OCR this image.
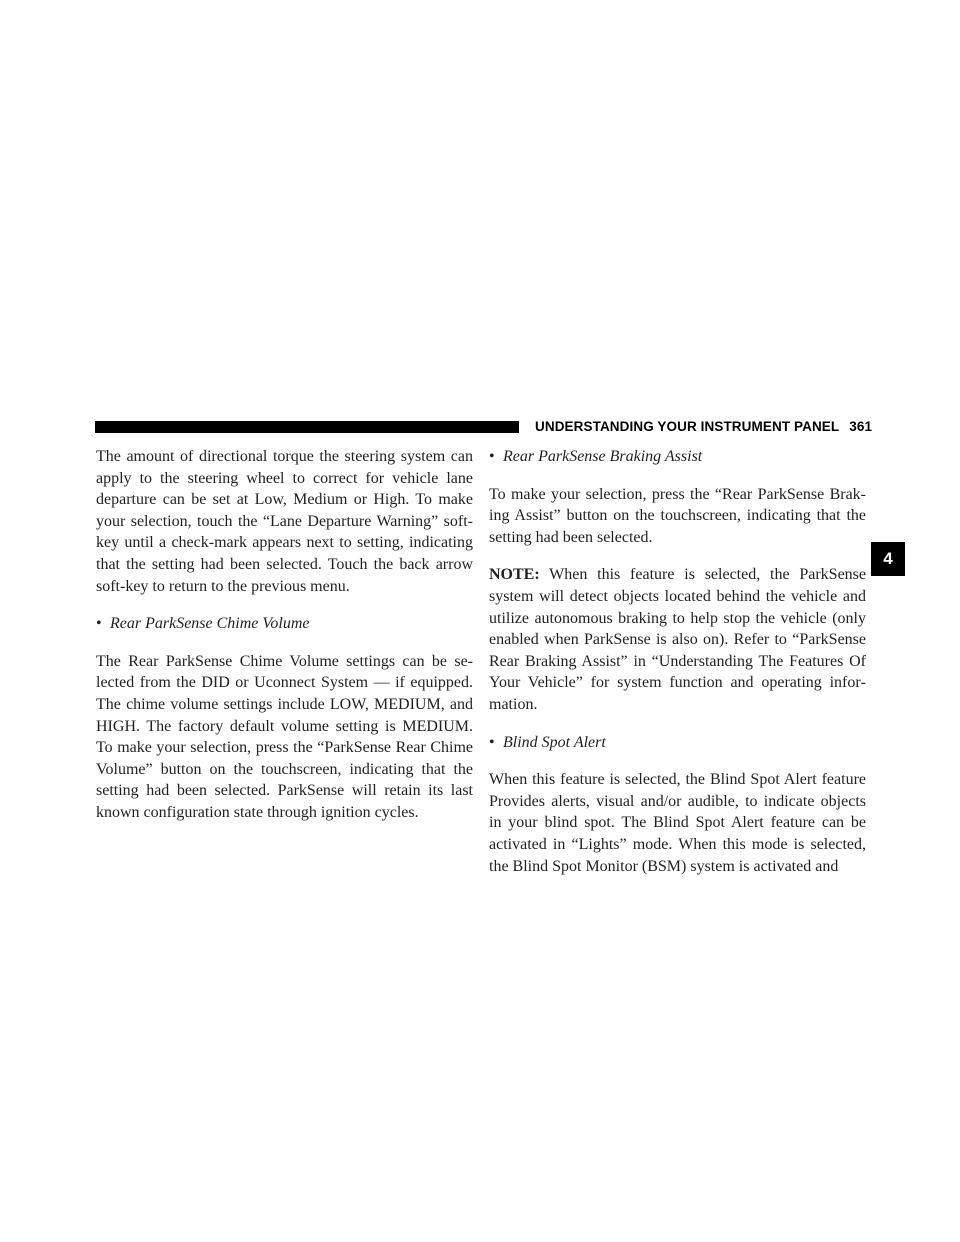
UNDERSTANDING YOUR INSTRUMENT PANEL 361
4

The amount of directional torque the steering system can apply to the steering wheel to correct for vehicle lane departure can be set at Low, Medium or High. To make your selection, touch the “Lane Departure Warning” soft-key until a check-mark appears next to setting, indicating that the setting had been selected. Touch the back arrow soft-key to return to the previous menu.

• Rear ParkSense Chime Volume

The Rear ParkSense Chime Volume settings can be selected from the DID or Uconnect System — if equipped. The chime volume settings include LOW, MEDIUM, and HIGH. The factory default volume setting is MEDIUM. To make your selection, press the “ParkSense Rear Chime Volume” button on the touchscreen, indicating that the setting had been selected. ParkSense will retain its last known configuration state through ignition cycles.

• Rear ParkSense Braking Assist

To make your selection, press the “Rear ParkSense Braking Assist” button on the touchscreen, indicating that the setting had been selected.

NOTE: When this feature is selected, the ParkSense system will detect objects located behind the vehicle and utilize autonomous braking to help stop the vehicle (only enabled when ParkSense is also on). Refer to “ParkSense Rear Braking Assist” in “Understanding The Features Of Your Vehicle” for system function and operating information.

• Blind Spot Alert

When this feature is selected, the Blind Spot Alert feature Provides alerts, visual and/or audible, to indicate objects in your blind spot. The Blind Spot Alert feature can be activated in “Lights” mode. When this mode is selected, the Blind Spot Monitor (BSM) system is activated and
